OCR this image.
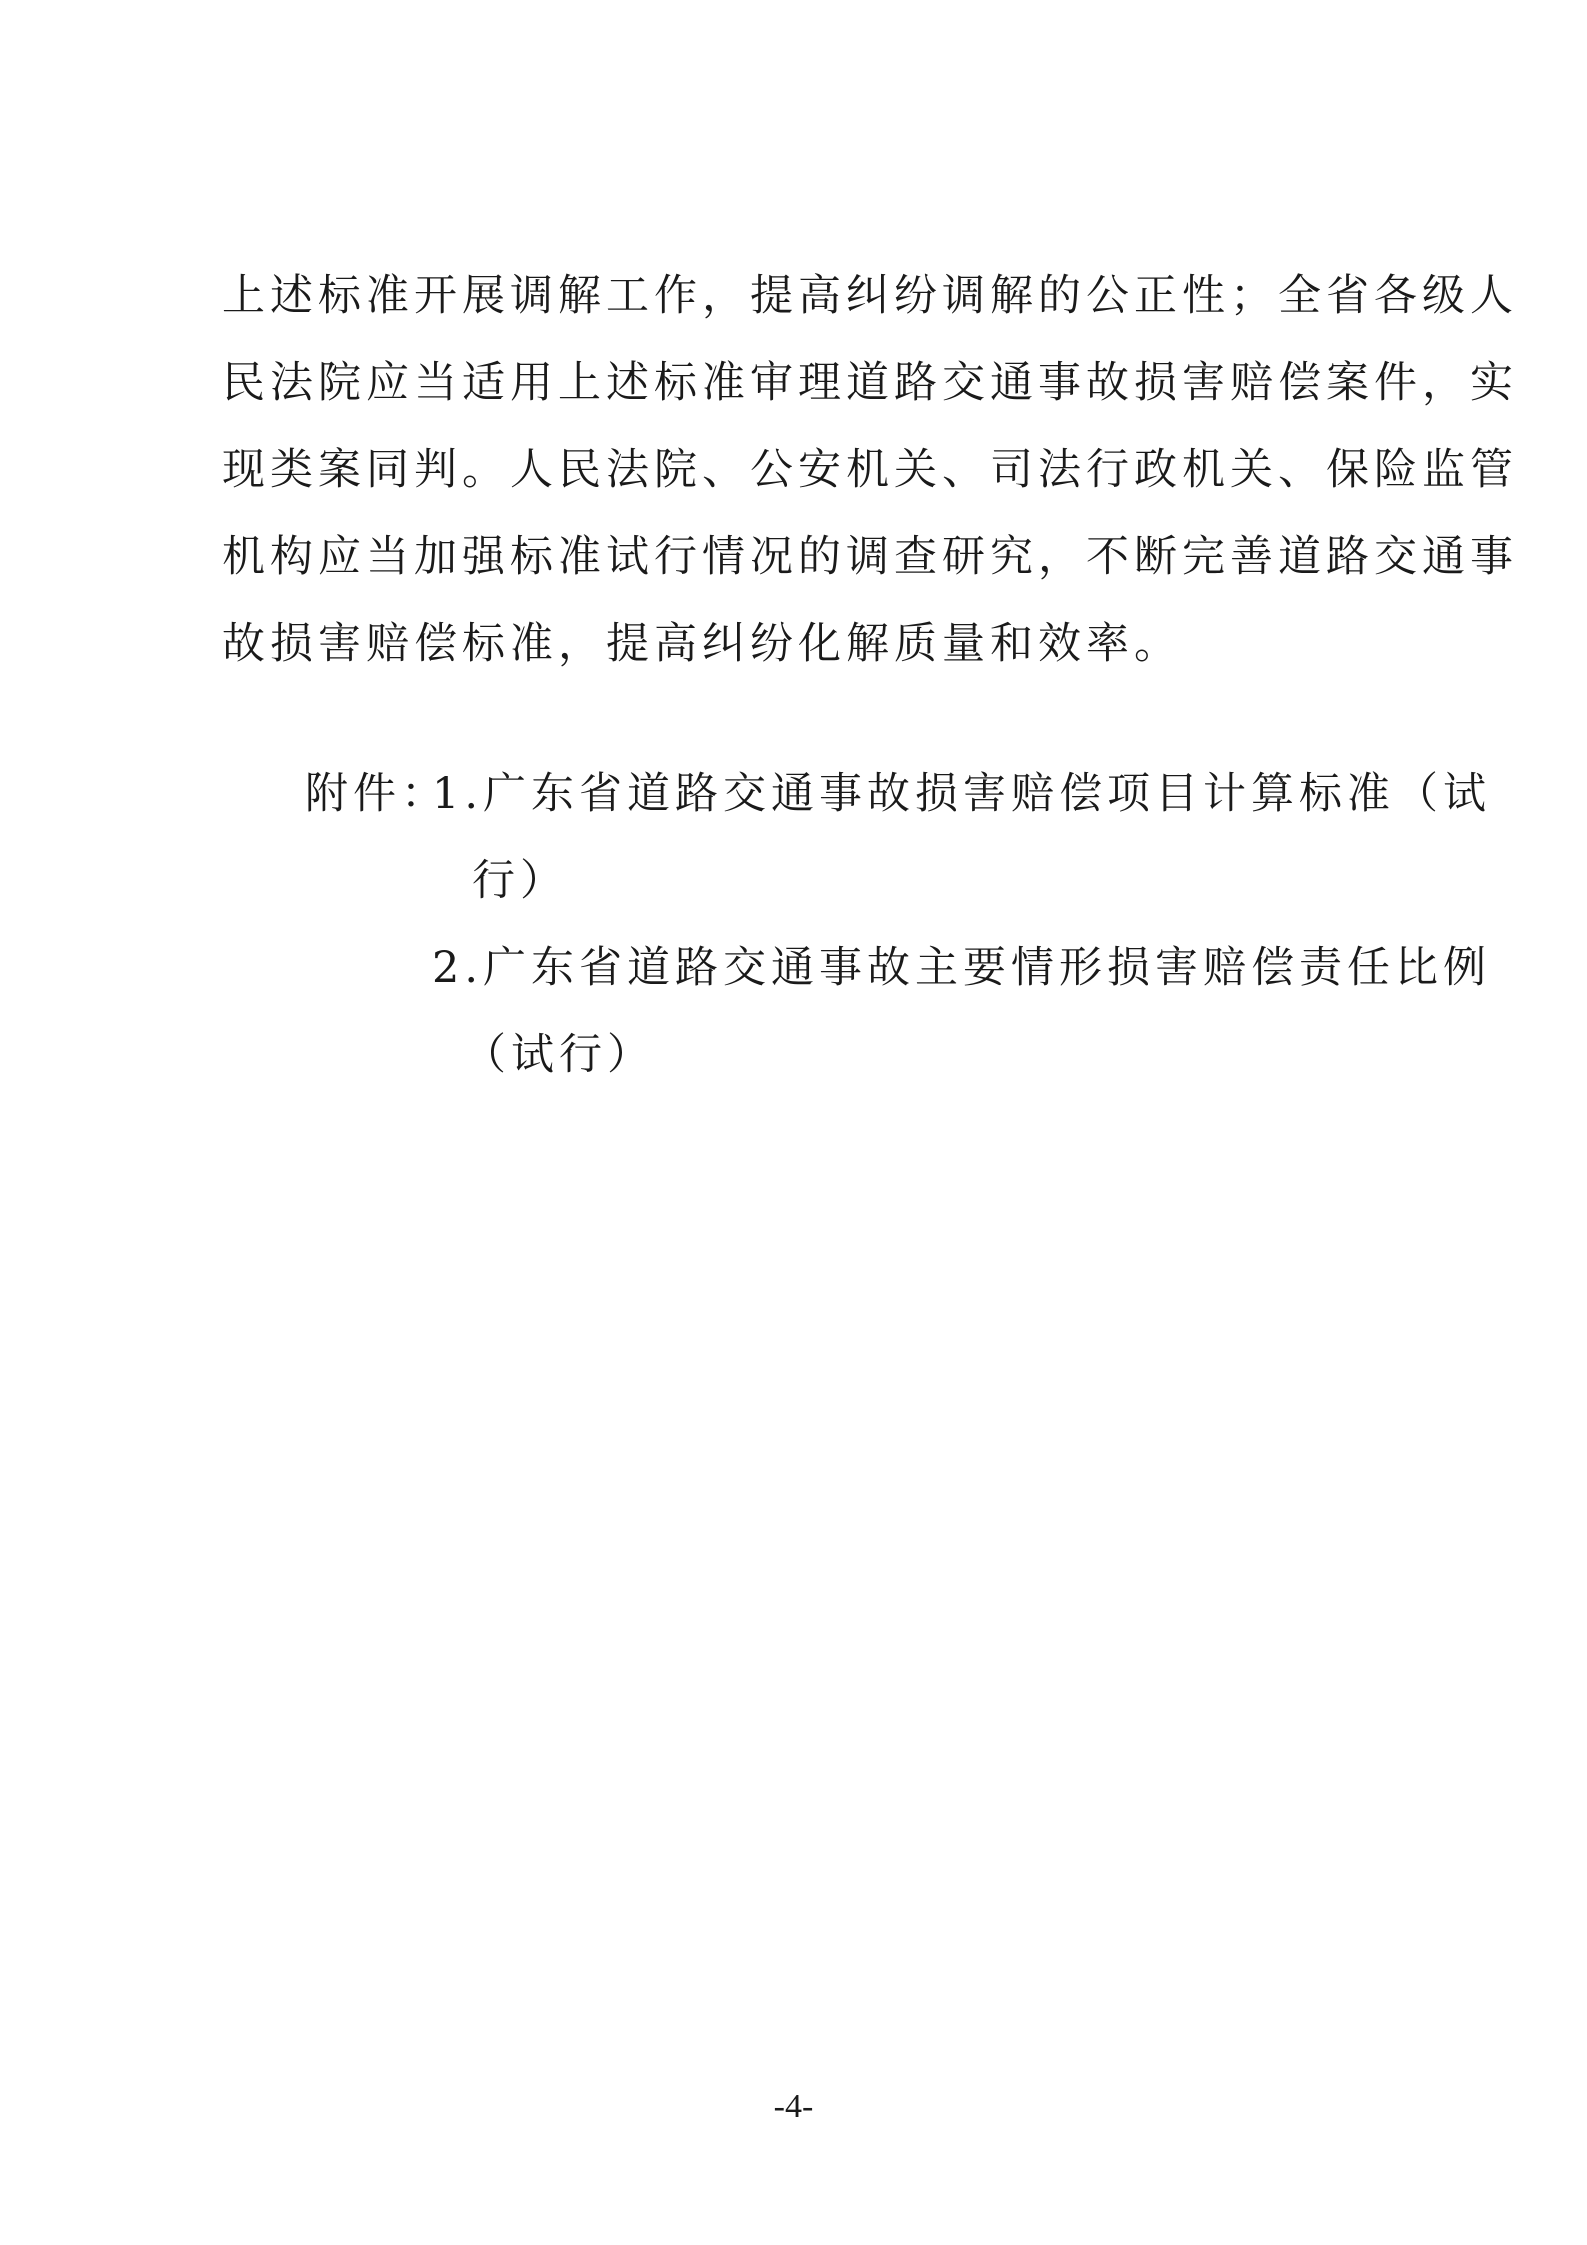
上述标准开展调解工作，提高纠纷调解的公正性；全省各级人
民法院应当适用上述标准审理道路交通事故损害赔偿案件，实
现类案同判。人民法院、公安机关、司法行政机关、保险监管
机构应当加强标准试行情况的调查研究，不断完善道路交通事
故损害赔偿标准，提高纠纷化解质量和效率。
附件：
1.广东省道路交通事故损害赔偿项目计算标准（试
行）
2.广东省道路交通事故主要情形损害赔偿责任比例
（试行）
-4-
